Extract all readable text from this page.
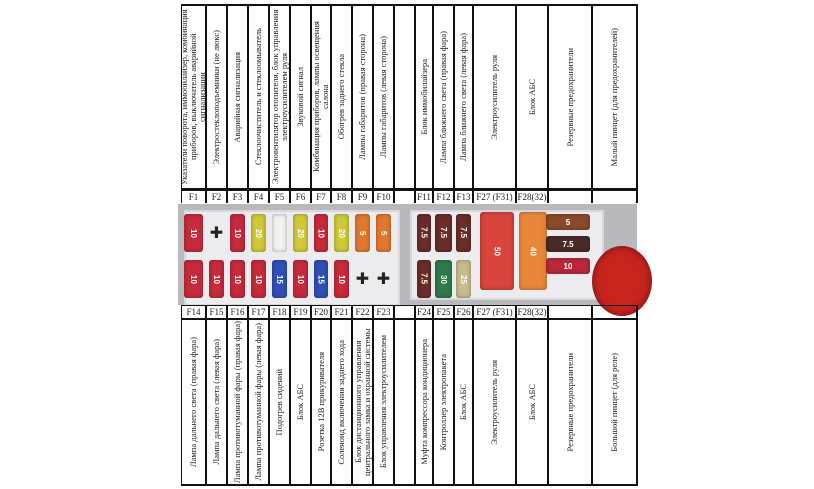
Указатели поворота, иммобилайзер, комбинация приборов, выключатель аварийной сигнализации
F1
Электростеклоподъемники (не люкс)
F2
Аварийная сигнализация
F3
Стеклоочиститель и стеклоомыватель
F4
Электровентилятор отопителя, блок управления электроусилителем руля
F5
Звуковой сигнал
F6
Комбинация приборов, лампы освещения салона
F7
Обогрев заднего стекла
F8
Лампы габаритов (правая сторона)
F9
Лампы габаритов (левая сторона)
F10
Блок иммобилайзера
F11
Лампа ближнего света (правая фара)
F12
Лампа ближнего света (левая фара)
F13
Электроусилитель руля
F27 (F31)
Блок АБС
F28(32)
Резервные предохранители	Малый пинцет (для предохранителей)
10 ✚ 10 20	20 10 20 5 5
10 10 10 10 15 10 15 10 ✚ ✚
7.5 7.5 7.5
7.5 30 25
50	40
5
7.5
10
Лампа дальнего света (правая фара)
F14
Лампа дальнего света (левая фара)
F15
Лампа противотуманной фары (правая фара)
F16
Лампа противотуманной фары (левая фара)
F17
Подогрев сидений
F18
Блок АБС
F19
Розетка 12В прикуривателя
F20
Соленоид включения заднего хода
F21
Блок дистанционного управления центрального замка и охранной системы
F22
Блок управления электроусилителем
F23
Муфта компрессора кондиционера
F24
Контроллер электропакета
F25
Блок АБС
F26
Электроусилитель руля
F27 (F31)
Блок АБС
F28(32)
Резервные предохранители	Большой пинцет (для реле)
